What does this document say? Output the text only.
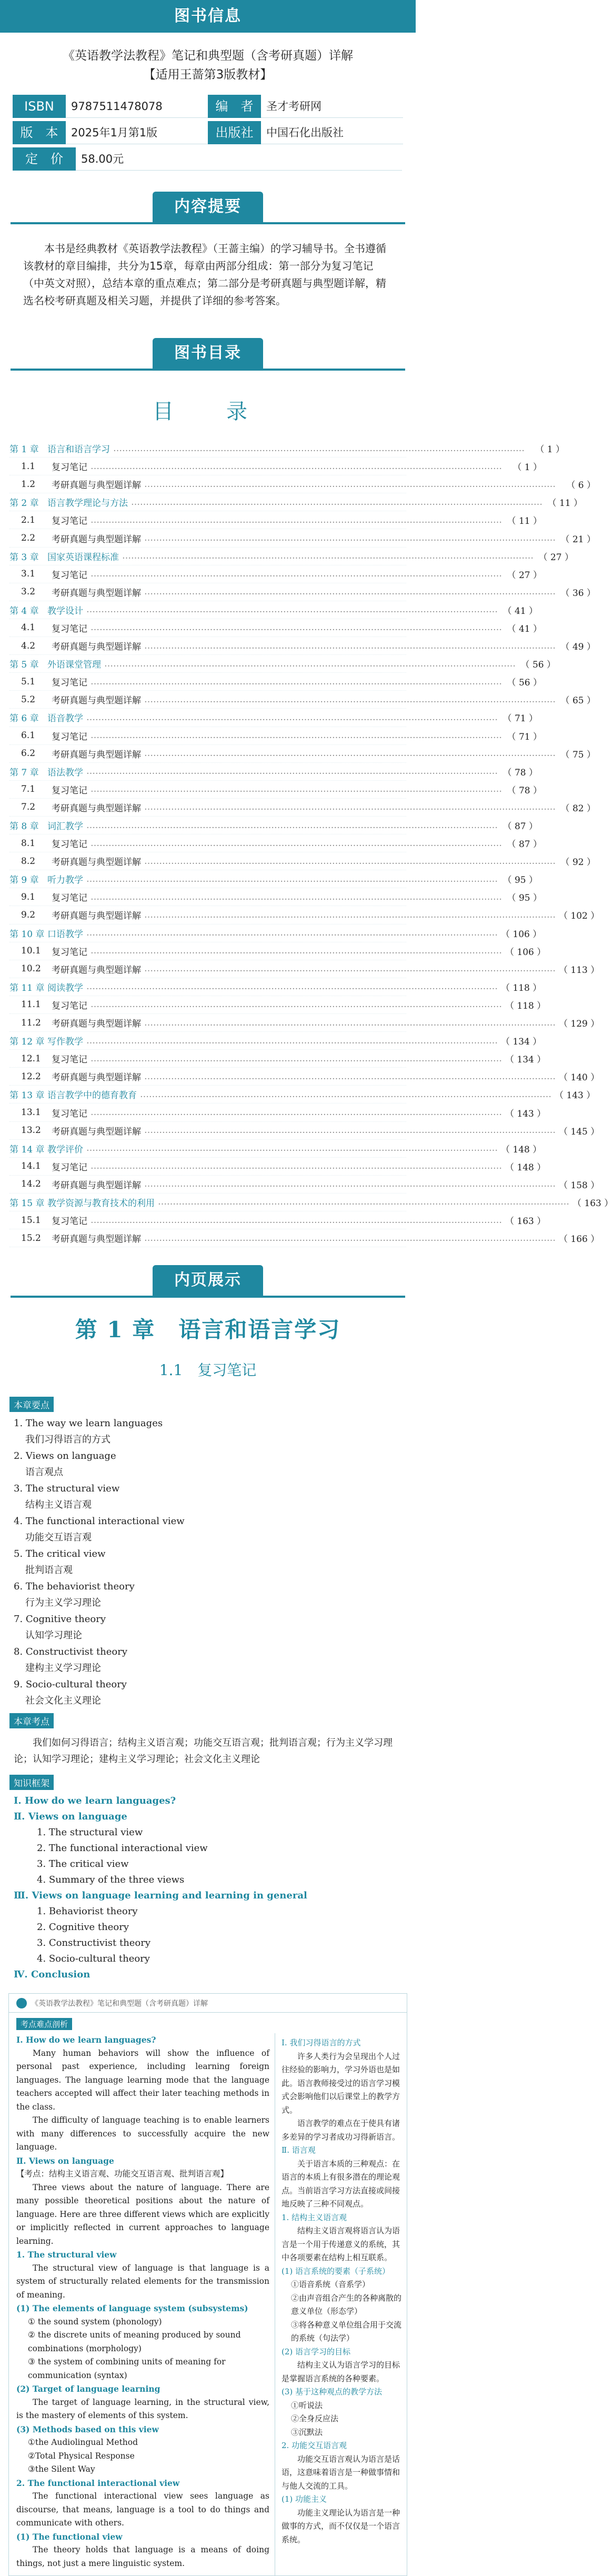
图书信息
《英语教学法教程》笔记和典型题（含考研真题）详解
【适用王蔷第3版教材】
ISBN	9787511478078	编　者	圣才考研网
版　本	2025年1月第1版	出版社	中国石化出版社
定　价	58.00元
内容提要
本书是经典教材《英语教学法教程》（王蔷主编）的学习辅导书。全书遵循该教材的章目编排，共分为15章，每章由两部分组成：第一部分为复习笔记（中英文对照），总结本章的重点难点；第二部分是考研真题与典型题详解，精选名校考研真题及相关习题，并提供了详细的参考答案。
图书目录
目　录
第 1 章 语言和语言学习 …………………………………………………………………………………………………………………………	（ 1 ）
1.1	复习笔记 …………………………………………………………………………………………………………………………	（ 1 ）
1.2	考研真题与典型题详解 …………………………………………………………………………………………………………………………	（ 6 ）
第 2 章 语言教学理论与方法 ………………………………………………………………………………………………………………………… （ 11 ）
2.1	复习笔记 ………………………………………………………………………………………………………………………… （ 11 ）
2.2	考研真题与典型题详解 ………………………………………………………………………………………………………………………… （ 21 ）
第 3 章 国家英语课程标准 ………………………………………………………………………………………………………………………… （ 27 ）
3.1	复习笔记 ………………………………………………………………………………………………………………………… （ 27 ）
3.2	考研真题与典型题详解 ………………………………………………………………………………………………………………………… （ 36 ）
第 4 章 教学设计 ………………………………………………………………………………………………………………………… （ 41 ）
4.1	复习笔记 ………………………………………………………………………………………………………………………… （ 41 ）
4.2	考研真题与典型题详解 ………………………………………………………………………………………………………………………… （ 49 ）
第 5 章 外语课堂管理 ………………………………………………………………………………………………………………………… （ 56 ）
5.1	复习笔记 ………………………………………………………………………………………………………………………… （ 56 ）
5.2	考研真题与典型题详解 ………………………………………………………………………………………………………………………… （ 65 ）
第 6 章 语音教学 ………………………………………………………………………………………………………………………… （ 71 ）
6.1	复习笔记 ………………………………………………………………………………………………………………………… （ 71 ）
6.2	考研真题与典型题详解 ………………………………………………………………………………………………………………………… （ 75 ）
第 7 章 语法教学 ………………………………………………………………………………………………………………………… （ 78 ）
7.1	复习笔记 ………………………………………………………………………………………………………………………… （ 78 ）
7.2	考研真题与典型题详解 ………………………………………………………………………………………………………………………… （ 82 ）
第 8 章 词汇教学 ………………………………………………………………………………………………………………………… （ 87 ）
8.1	复习笔记 ………………………………………………………………………………………………………………………… （ 87 ）
8.2	考研真题与典型题详解 ………………………………………………………………………………………………………………………… （ 92 ）
第 9 章 听力教学 ………………………………………………………………………………………………………………………… （ 95 ）
9.1	复习笔记 ………………………………………………………………………………………………………………………… （ 95 ）
9.2	考研真题与典型题详解 ………………………………………………………………………………………………………………………… （ 102 ）
第 10 章 口语教学 ………………………………………………………………………………………………………………………… （ 106 ）
10.1	复习笔记 ………………………………………………………………………………………………………………………… （ 106 ）
10.2	考研真题与典型题详解 ………………………………………………………………………………………………………………………… （ 113 ）
第 11 章 阅读教学 ………………………………………………………………………………………………………………………… （ 118 ）
11.1	复习笔记 ………………………………………………………………………………………………………………………… （ 118 ）
11.2	考研真题与典型题详解 ………………………………………………………………………………………………………………………… （ 129 ）
第 12 章 写作教学 ………………………………………………………………………………………………………………………… （ 134 ）
12.1	复习笔记 ………………………………………………………………………………………………………………………… （ 134 ）
12.2	考研真题与典型题详解 ………………………………………………………………………………………………………………………… （ 140 ）
第 13 章 语言教学中的德育教育 ………………………………………………………………………………………………………………………… （ 143 ）
13.1	复习笔记 ………………………………………………………………………………………………………………………… （ 143 ）
13.2	考研真题与典型题详解 ………………………………………………………………………………………………………………………… （ 145 ）
第 14 章 教学评价 ………………………………………………………………………………………………………………………… （ 148 ）
14.1	复习笔记 ………………………………………………………………………………………………………………………… （ 148 ）
14.2	考研真题与典型题详解 ………………………………………………………………………………………………………………………… （ 158 ）
第 15 章 教学资源与教育技术的利用 ………………………………………………………………………………………………………………………… （ 163 ）
15.1	复习笔记 ………………………………………………………………………………………………………………………… （ 163 ）
15.2	考研真题与典型题详解 ………………………………………………………………………………………………………………………… （ 166 ）
内页展示
第 1 章　语言和语言学习
1.1　复习笔记
本章要点
1. The way we learn languages
我们习得语言的方式
2. Views on language
语言观点
3. The structural view
结构主义语言观
4. The functional interactional view
功能交互语言观
5. The critical view
批判语言观
6. The behaviorist theory
行为主义学习理论
7. Cognitive theory
认知学习理论
8. Constructivist theory
建构主义学习理论
9. Socio-cultural theory
社会文化主义理论
本章考点
我们如何习得语言；结构主义语言观；功能交互语言观；批判语言观；行为主义学习理论；认知学习理论；建构主义学习理论；社会文化主义理论
知识框架
Ⅰ. How do we learn languages?
Ⅱ. Views on language
1. The structural view
2. The functional interactional view
3. The critical view
4. Summary of the three views
Ⅲ. Views on language learning and learning in general
1. Behaviorist theory
2. Cognitive theory
3. Constructivist theory
4. Socio-cultural theory
Ⅳ. Conclusion
《英语教学法教程》笔记和典型题（含考研真题）详解
考点难点剖析
Ⅰ. How do we learn languages?

Many human behaviors will show the influence of personal past experience, including learning foreign languages. The language learning mode that the language teachers accepted will affect their later teaching methods in the class.

The difficulty of language teaching is to enable learners with many differences to successfully acquire the new language.

Ⅱ. Views on language
【考点：结构主义语言观、功能交互语言观、批判语言观】

Three views about the nature of language. There are many possible theoretical positions about the nature of language. Here are three different views which are explicitly or implicitly reflected in current approaches to language learning.

1. The structural view

The structural view of language is that language is a system of structurally related elements for the transmission of meaning.

(1) The elements of language system (subsystems)
① the sound system (phonology)
② the discrete units of meaning produced by sound combinations (morphology)
③ the system of combining units of meaning for communication (syntax)
(2) Target of language learning

The target of language learning, in the structural view, is the mastery of elements of this system.

(3) Methods based on this view
①the Audiolingual Method
②Total Physical Response
③the Silent Way
2. The functional interactional view

The functional interactional view sees language as discourse, that means, language is a tool to do things and communicate with others.

(1) The functional view

The theory holds that language is a means of doing things, not just a mere linguistic system.

Ⅰ. 我们习得语言的方式

许多人类行为会呈现出个人过往经验的影响力，学习外语也是如此。语言教师接受过的语言学习模式会影响他们以后课堂上的教学方式。

语言教学的难点在于使具有诸多差异的学习者成功习得新语言。

Ⅱ. 语言观

关于语言本质的三种观点：在语言的本质上有很多潜在的理论观点。当前语言学习方法直接或间接地反映了三种不同观点。

1. 结构主义语言观

结构主义语言观将语言认为语言是一个用于传递意义的系统，其中各项要素在结构上相互联系。

(1) 语言系统的要素（子系统）
①语音系统（音系学）
②由声音组合产生的各种离散的意义单位（形态学）
③将各种意义单位组合用于交流的系统（句法学）
(2) 语言学习的目标

结构主义认为语言学习的目标是掌握语言系统的各种要素。

(3) 基于这种观点的教学方法
①听说法
②全身反应法
③沉默法
2. 功能交互语言观

功能交互语言观认为语言是话语，这意味着语言是一种做事情和与他人交流的工具。

(1) 功能主义

功能主义理论认为语言是一种做事的方式，而不仅仅是一个语言系统。
